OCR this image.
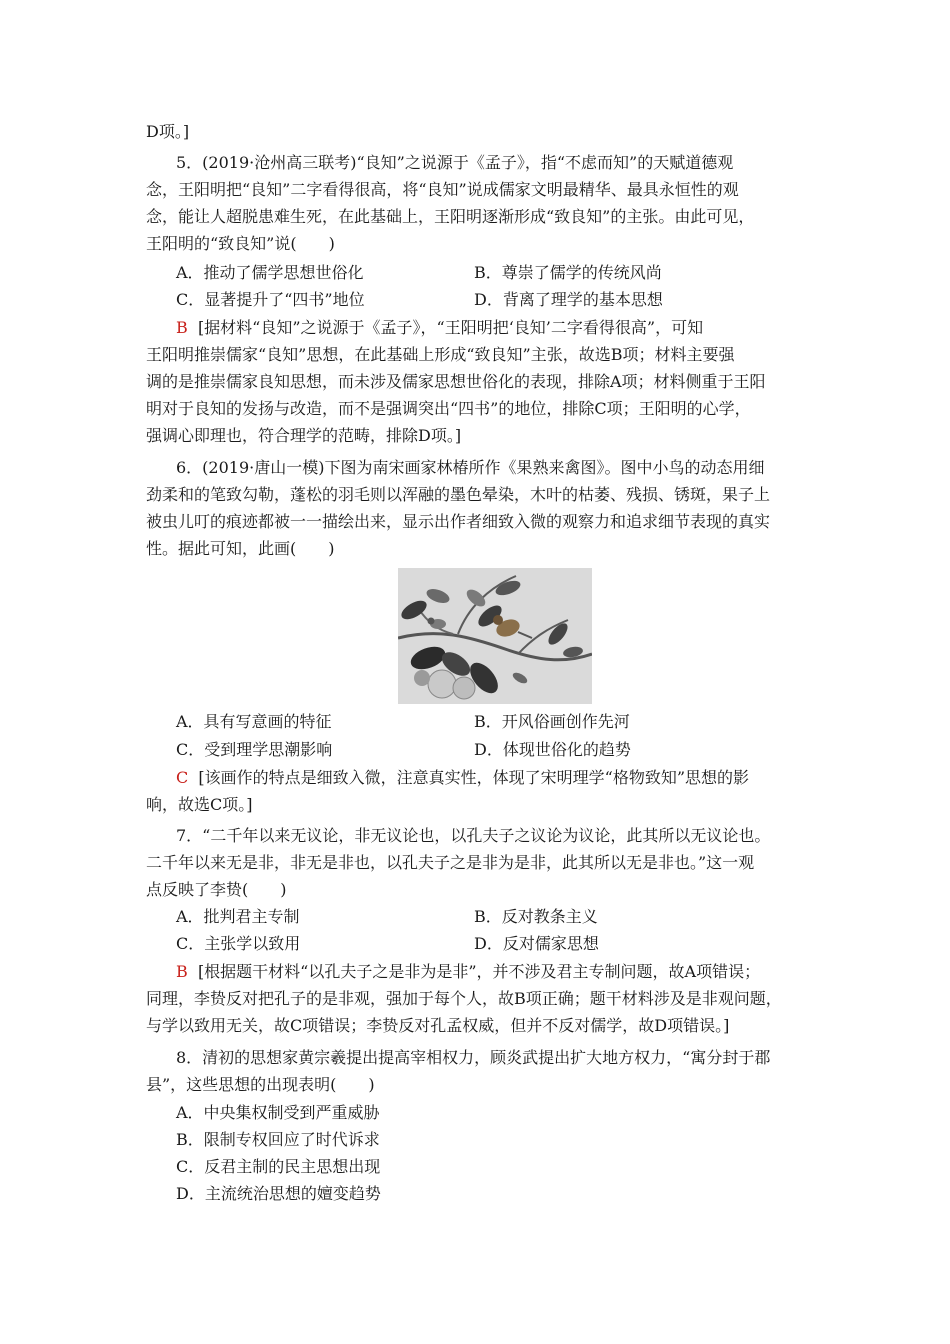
D项。]
5．(2019·沧州高三联考)“良知”之说源于《孟子》，指“不虑而知”的天赋道德观
念，王阳明把“良知”二字看得很高，将“良知”说成儒家文明最精华、最具永恒性的观
念，能让人超脱患难生死，在此基础上，王阳明逐渐形成“致良知”的主张。由此可见，
王阳明的“致良知”说(　　)
A．推动了儒学思想世俗化	B．尊崇了儒学的传统风尚
C．显著提升了“四书”地位	D．背离了理学的基本思想
B [据材料“良知”之说源于《孟子》，“王阳明把‘良知’二字看得很高”，可知
王阳明推崇儒家“良知”思想，在此基础上形成“致良知”主张，故选B项；材料主要强
调的是推崇儒家良知思想，而未涉及儒家思想世俗化的表现，排除A项；材料侧重于王阳
明对于良知的发扬与改造，而不是强调突出“四书”的地位，排除C项；王阳明的心学，
强调心即理也，符合理学的范畴，排除D项。]
6．(2019·唐山一模)下图为南宋画家林椿所作《果熟来禽图》。图中小鸟的动态用细
劲柔和的笔致勾勒，蓬松的羽毛则以浑融的墨色晕染，木叶的枯萎、残损、锈斑，果子上
被虫儿叮的痕迹都被一一描绘出来，显示出作者细致入微的观察力和追求细节表现的真实
性。据此可知，此画(　　)
A．具有写意画的特征	B．开风俗画创作先河
C．受到理学思潮影响	D．体现世俗化的趋势
C [该画作的特点是细致入微，注意真实性，体现了宋明理学“格物致知”思想的影
响，故选C项。]
7．“二千年以来无议论，非无议论也，以孔夫子之议论为议论，此其所以无议论也。
二千年以来无是非，非无是非也，以孔夫子之是非为是非，此其所以无是非也。”这一观
点反映了李贽(　　)
A．批判君主专制	B．反对教条主义
C．主张学以致用	D．反对儒家思想
B [根据题干材料“以孔夫子之是非为是非”，并不涉及君主专制问题，故A项错误；
同理，李贽反对把孔子的是非观，强加于每个人，故B项正确；题干材料涉及是非观问题，
与学以致用无关，故C项错误；李贽反对孔孟权威，但并不反对儒学，故D项错误。]
8．清初的思想家黄宗羲提出提高宰相权力，顾炎武提出扩大地方权力，“寓分封于郡
县”，这些思想的出现表明(　　)
A．中央集权制受到严重威胁
B．限制专权回应了时代诉求
C．反君主制的民主思想出现
D．主流统治思想的嬗变趋势
